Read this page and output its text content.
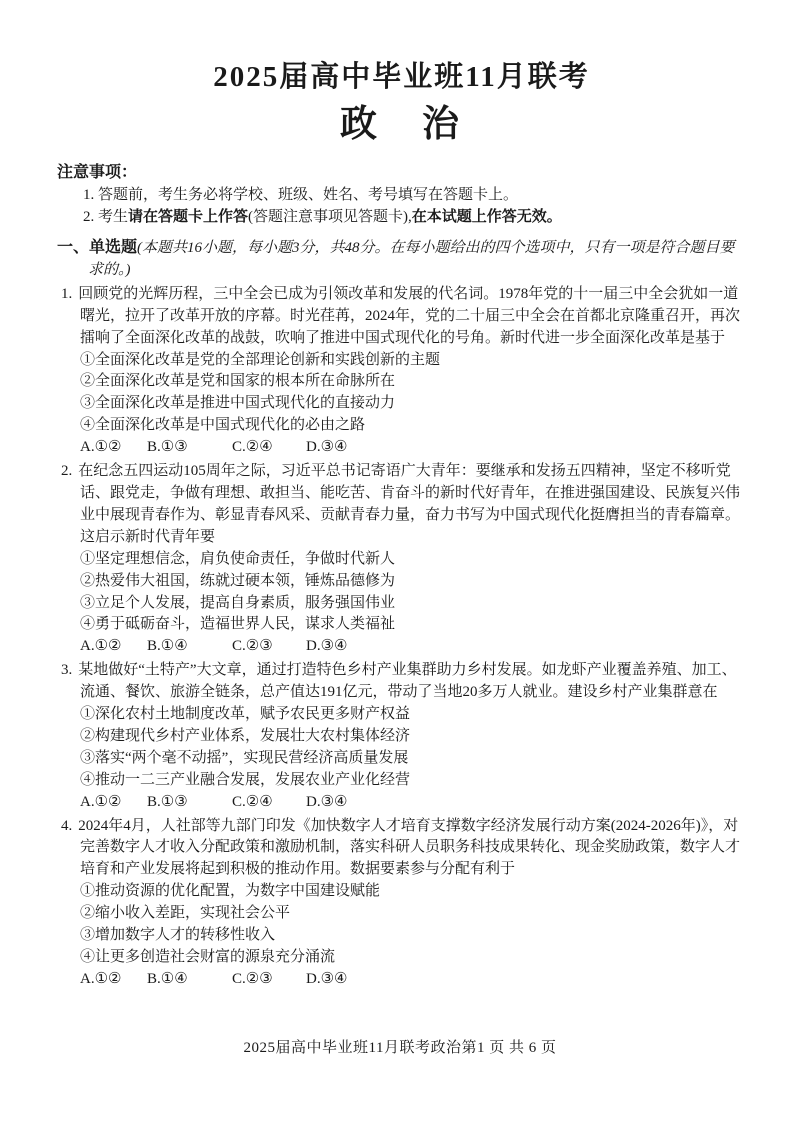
2025届高中毕业班11月联考
政　治
注意事项：
1. 答题前，考生务必将学校、班级、姓名、考号填写在答题卡上。
2. 考生请在答题卡上作答(答题注意事项见答题卡),在本试题上作答无效。
一、单选题(本题共16小题，每小题3分，共48分。在每小题给出的四个选项中，只有一项是符合题目要求的。)
1. 回顾党的光辉历程，三中全会已成为引领改革和发展的代名词。1978年党的十一届三中全会犹如一道曙光，拉开了改革开放的序幕。时光荏苒，2024年，党的二十届三中全会在首都北京隆重召开，再次擂响了全面深化改革的战鼓，吹响了推进中国式现代化的号角。新时代进一步全面深化改革是基于
①全面深化改革是党的全部理论创新和实践创新的主题
②全面深化改革是党和国家的根本所在命脉所在
③全面深化改革是推进中国式现代化的直接动力
④全面深化改革是中国式现代化的必由之路
A.①② B.①③	C.②④ D.③④
2. 在纪念五四运动105周年之际，习近平总书记寄语广大青年：要继承和发扬五四精神，坚定不移听党话、跟党走，争做有理想、敢担当、能吃苦、肯奋斗的新时代好青年，在推进强国建设、民族复兴伟业中展现青春作为、彰显青春风采、贡献青春力量，奋力书写为中国式现代化挺膺担当的青春篇章。这启示新时代青年要
①坚定理想信念，肩负使命责任，争做时代新人
②热爱伟大祖国，练就过硬本领，锤炼品德修为
③立足个人发展，提高自身素质，服务强国伟业
④勇于砥砺奋斗，造福世界人民，谋求人类福祉
A.①② B.①④	C.②③ D.③④
3. 某地做好“土特产”大文章，通过打造特色乡村产业集群助力乡村发展。如龙虾产业覆盖养殖、加工、流通、餐饮、旅游全链条，总产值达191亿元，带动了当地20多万人就业。建设乡村产业集群意在
①深化农村土地制度改革，赋予农民更多财产权益
②构建现代乡村产业体系，发展壮大农村集体经济
③落实“两个毫不动摇”，实现民营经济高质量发展
④推动一二三产业融合发展，发展农业产业化经营
A.①② B.①③	C.②④ D.③④
4. 2024年4月，人社部等九部门印发《加快数字人才培育支撑数字经济发展行动方案(2024-2026年)》，对完善数字人才收入分配政策和激励机制，落实科研人员职务科技成果转化、现金奖励政策，数字人才培育和产业发展将起到积极的推动作用。数据要素参与分配有利于
①推动资源的优化配置，为数字中国建设赋能
②缩小收入差距，实现社会公平
③增加数字人才的转移性收入
④让更多创造社会财富的源泉充分涌流
A.①② B.①④	C.②③ D.③④
2025届高中毕业班11月联考政治第1 页 共 6 页
